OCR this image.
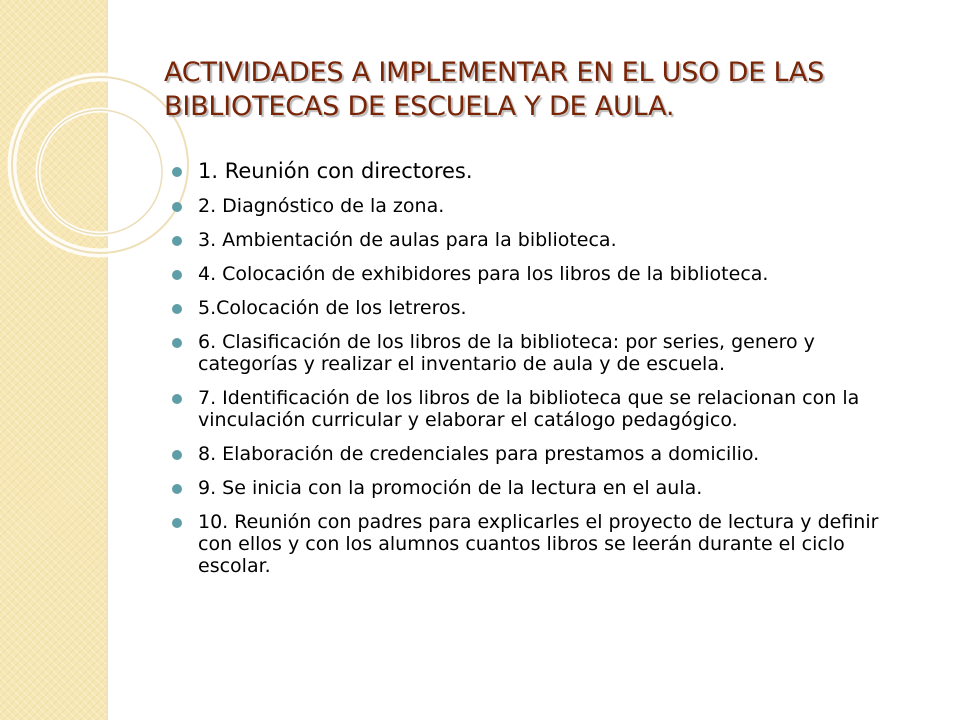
ACTIVIDADES A IMPLEMENTAR EN EL USO DE LAS BIBLIOTECAS DE ESCUELA Y DE AULA.
1. Reunión con directores.
2. Diagnóstico de la zona.
3. Ambientación de aulas para la biblioteca.
4. Colocación de exhibidores para los libros de la biblioteca.
5.Colocación de los letreros.
6. Clasificación de los libros de la biblioteca: por series, genero y categorías y realizar el inventario de aula y de escuela.
7. Identificación de los libros de la biblioteca que se relacionan con la vinculación curricular y elaborar el catálogo pedagógico.
8. Elaboración de credenciales para prestamos a domicilio.
9. Se inicia con la promoción de la lectura en el aula.
10. Reunión con padres para explicarles el proyecto de lectura y definir con ellos y con los alumnos cuantos libros se leerán durante el ciclo escolar.
